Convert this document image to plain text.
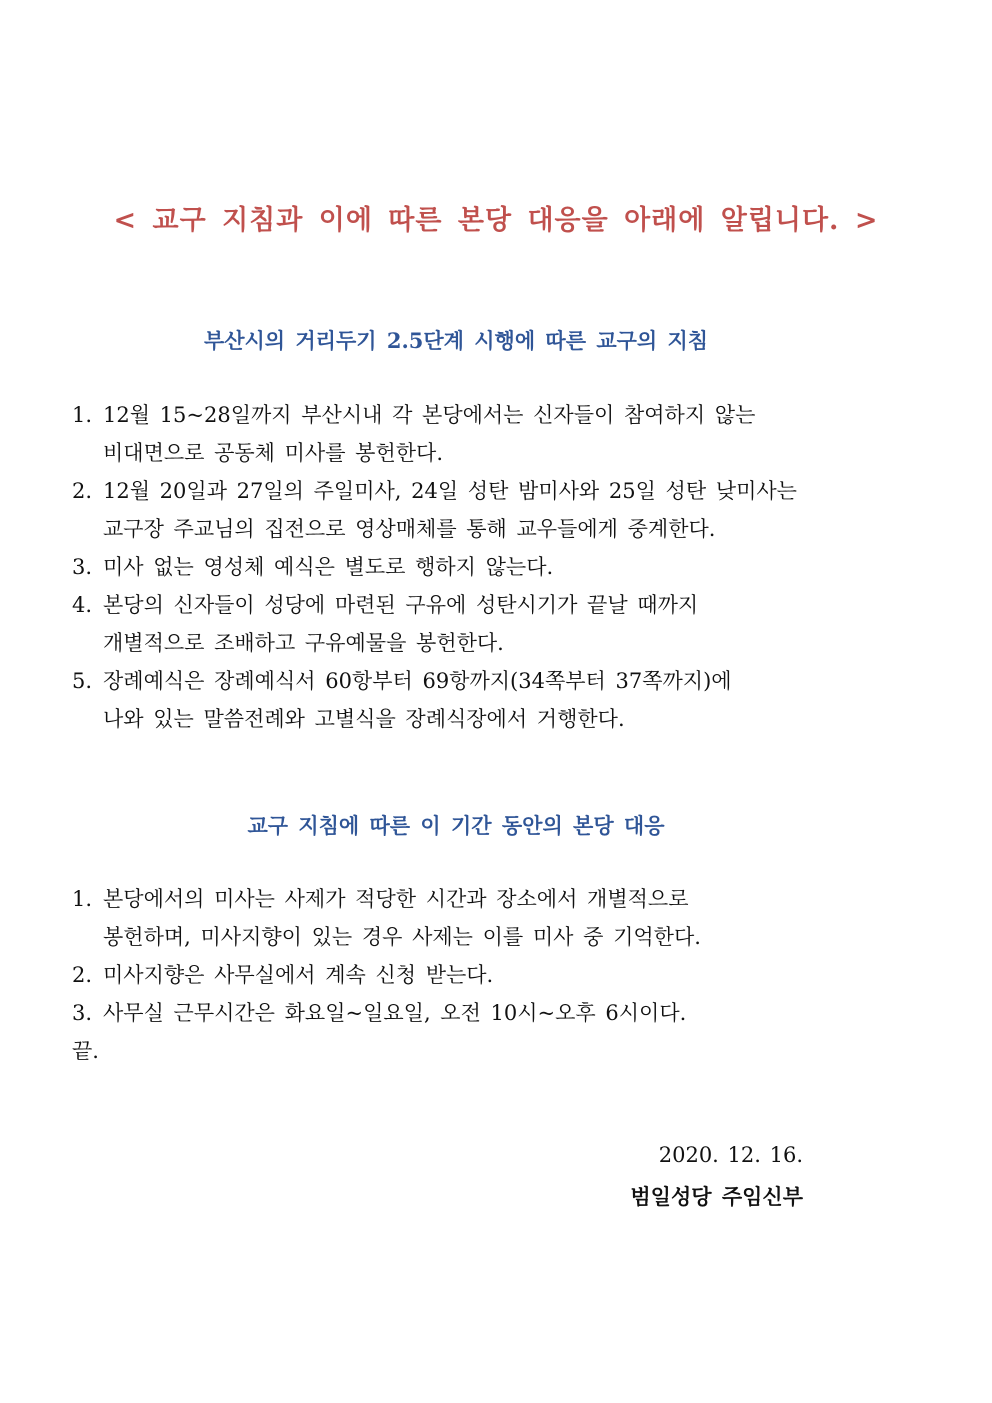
< 교구 지침과 이에 따른 본당 대응을 아래에 알립니다. >
부산시의 거리두기 2.5단계 시행에 따른 교구의 지침
1. 12월 15~28일까지 부산시내 각 본당에서는 신자들이 참여하지 않는
비대면으로 공동체 미사를 봉헌한다.
2. 12월 20일과 27일의 주일미사, 24일 성탄 밤미사와 25일 성탄 낮미사는
교구장 주교님의 집전으로 영상매체를 통해 교우들에게 중계한다.
3. 미사 없는 영성체 예식은 별도로 행하지 않는다.
4. 본당의 신자들이 성당에 마련된 구유에 성탄시기가 끝날 때까지
개별적으로 조배하고 구유예물을 봉헌한다.
5. 장례예식은 장례예식서 60항부터 69항까지(34쪽부터 37쪽까지)에
나와 있는 말씀전례와 고별식을 장례식장에서 거행한다.
교구 지침에 따른 이 기간 동안의 본당 대응
1. 본당에서의 미사는 사제가 적당한 시간과 장소에서 개별적으로
봉헌하며, 미사지향이 있는 경우 사제는 이를 미사 중 기억한다.
2. 미사지향은 사무실에서 계속 신청 받는다.
3. 사무실 근무시간은 화요일~일요일, 오전 10시~오후 6시이다.
끝.
2020. 12. 16.
범일성당 주임신부
